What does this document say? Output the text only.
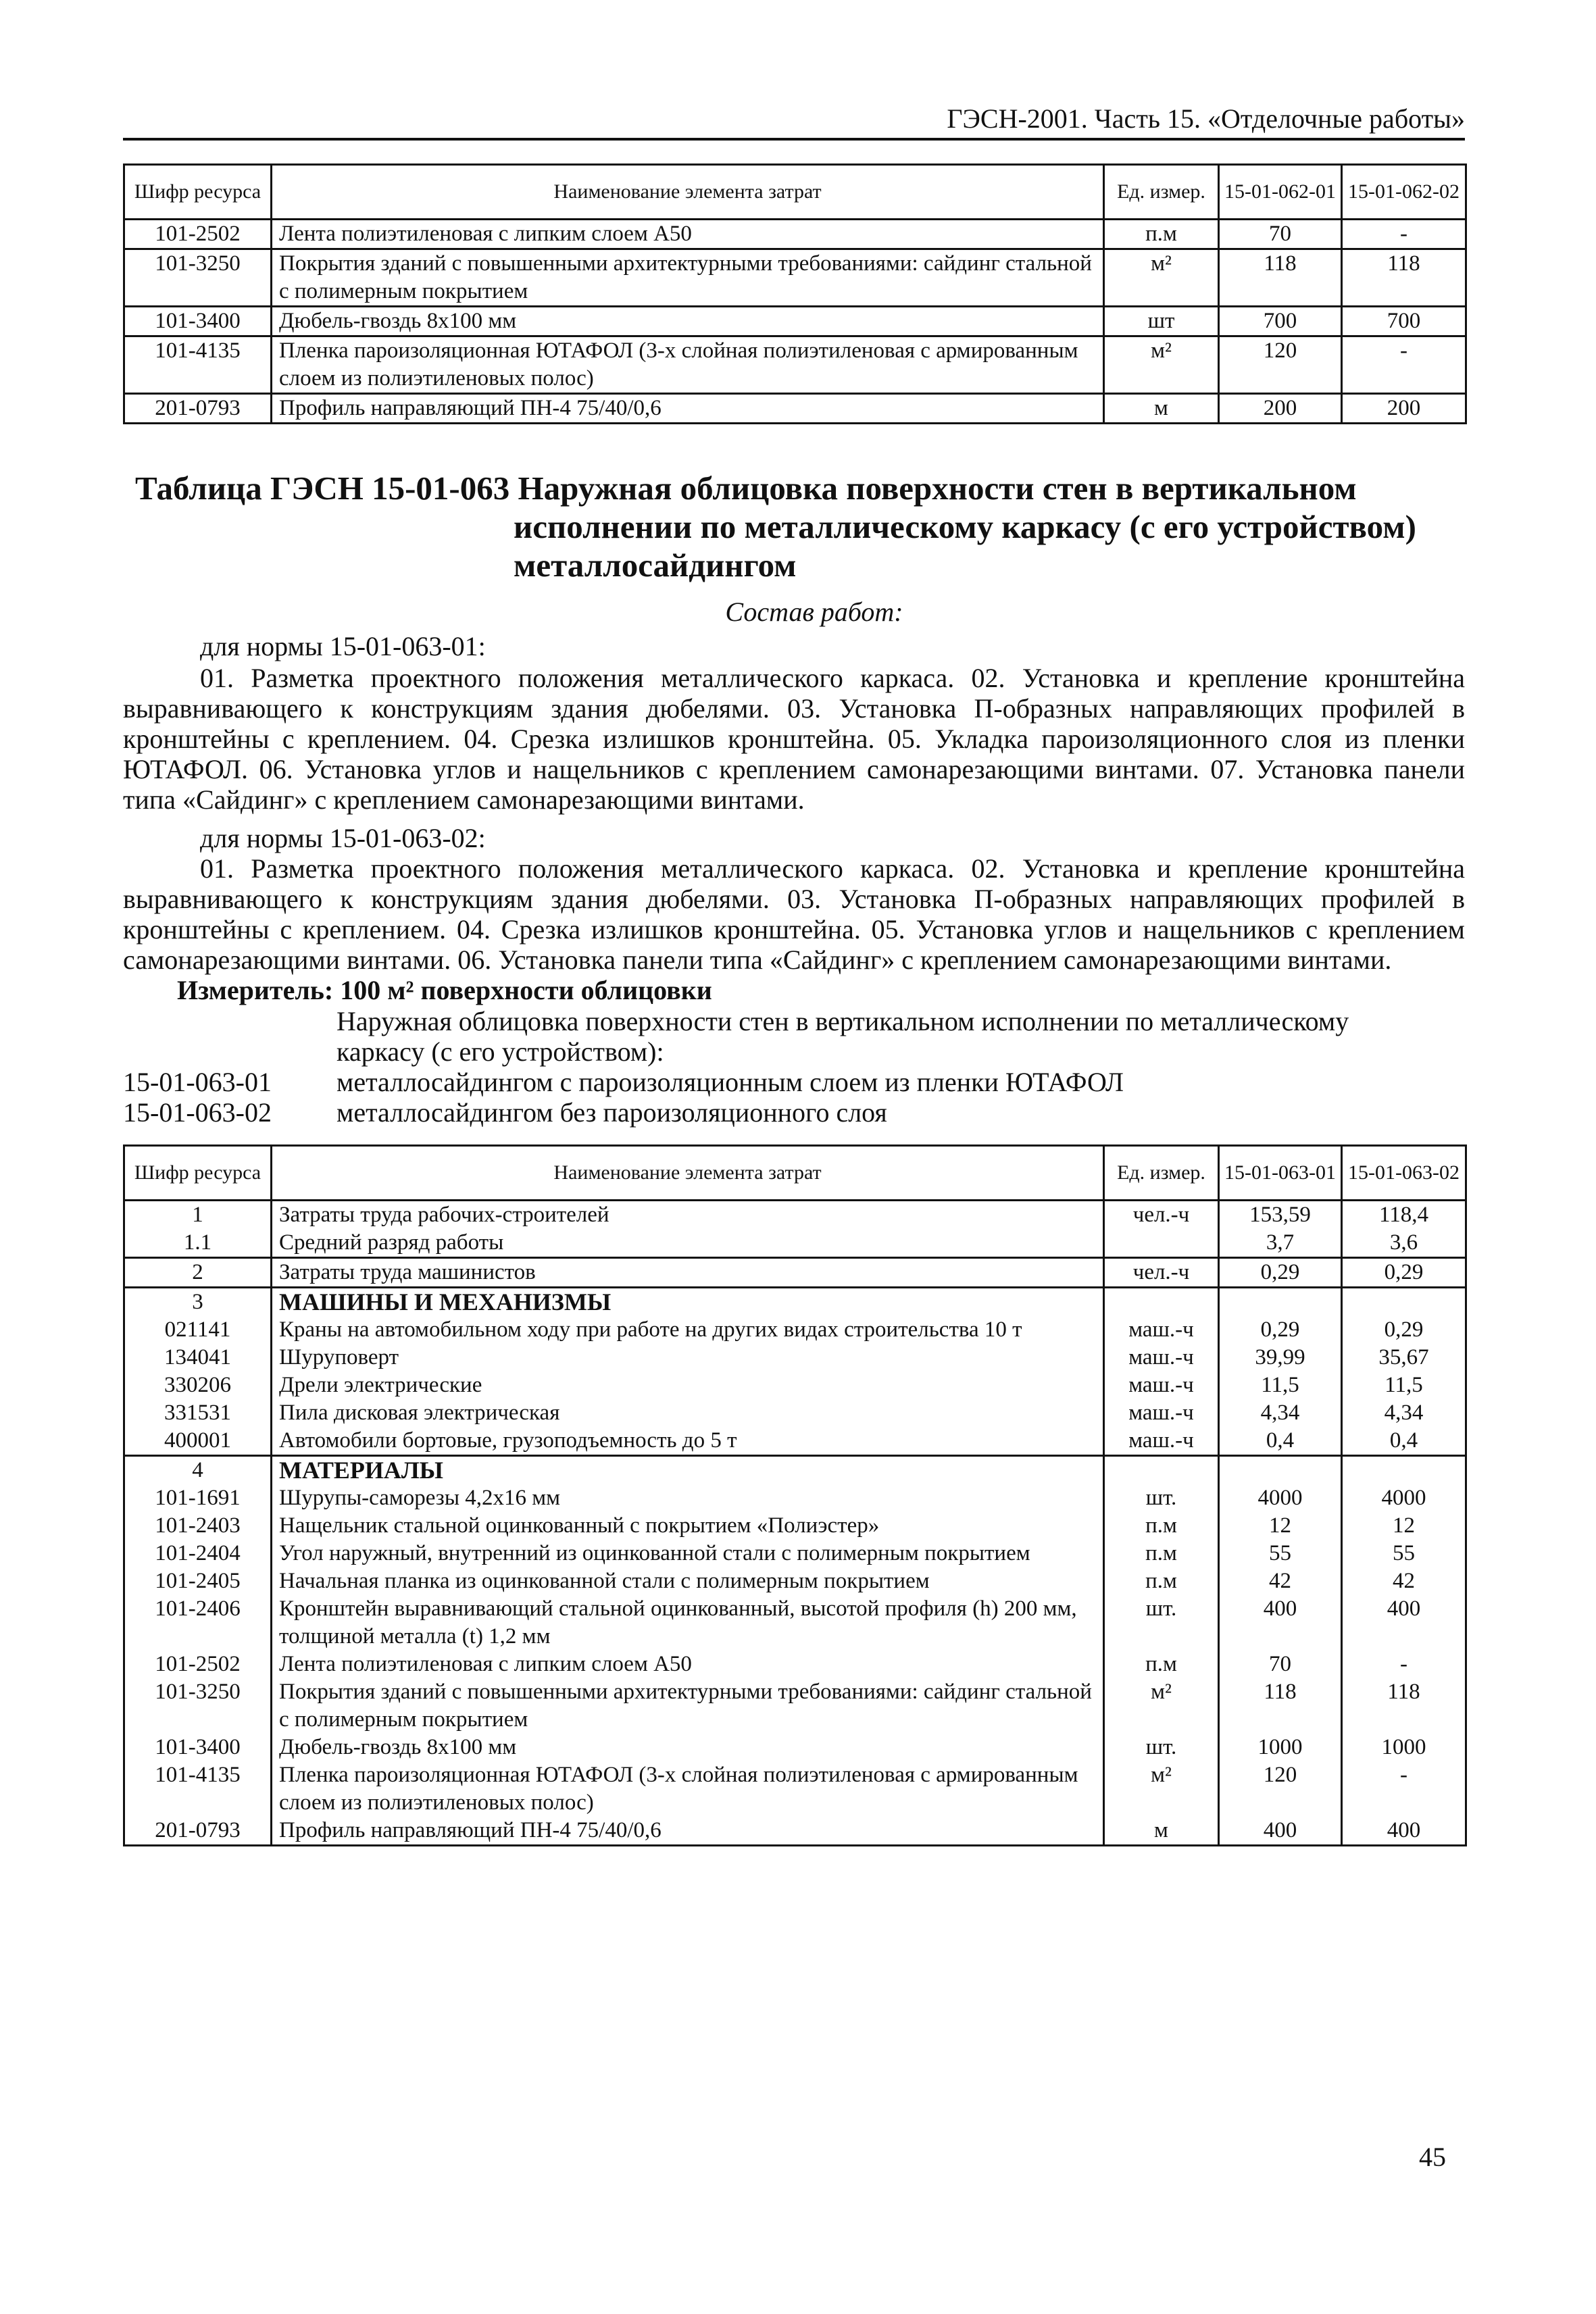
ГЭСН-2001. Часть 15. «Отделочные работы»
Шифр ресурса	Наименование элемента затрат	Ед. измер.	15-01-062-01	15-01-062-02
101-2502	Лента полиэтиленовая с липким слоем А50	п.м	70	-
101-3250	Покрытия зданий с повышенными архитектурными требованиями: сайдинг стальной с полимерным покрытием	м²	118	118
101-3400	Дюбель-гвоздь 8х100 мм	шт	700	700
101-4135	Пленка пароизоляционная ЮТАФОЛ (3-х слойная полиэтиленовая с армированным слоем из полиэтиленовых полос)	м²	120	-
201-0793	Профиль направляющий ПН-4 75/40/0,6	м	200	200
Таблица ГЭСН 15-01-063 Наружная облицовка поверхности стен в вертикальном
исполнении по металлическому каркасу (с его устройством) металлосайдингом
Состав работ:
для нормы 15-01-063-01:
01. Разметка проектного положения металлического каркаса. 02. Установка и крепление кронштейна выравнивающего к конструкциям здания дюбелями. 03. Установка П-образных направляющих профилей в кронштейны с креплением. 04. Срезка излишков кронштейна. 05. Укладка пароизоляционного слоя из пленки ЮТАФОЛ. 06. Установка углов и нащельников с креплением самонарезающими винтами. 07. Установка панели типа «Сайдинг» с креплением самонарезающими винтами.
для нормы 15-01-063-02:
01. Разметка проектного положения металлического каркаса. 02. Установка и крепление кронштейна выравнивающего к конструкциям здания дюбелями. 03. Установка П-образных направляющих профилей в кронштейны с креплением. 04. Срезка излишков кронштейна. 05. Установка углов и нащельников с креплением самонарезающими винтами. 06. Установка панели типа «Сайдинг» с креплением самонарезающими винтами.
Измеритель: 100 м² поверхности облицовки
Наружная облицовка поверхности стен в вертикальном исполнении по металлическому каркасу (с его устройством):
15-01-063-01 металлосайдингом с пароизоляционным слоем из пленки ЮТАФОЛ
15-01-063-02 металлосайдингом без пароизоляционного слоя
Шифр ресурса	Наименование элемента затрат	Ед. измер.	15-01-063-01	15-01-063-02
1	Затраты труда рабочих-строителей	чел.-ч	153,59	118,4
1.1	Средний разряд работы		3,7	3,6
2	Затраты труда машинистов	чел.-ч	0,29	0,29
3	МАШИНЫ И МЕХАНИЗМЫ			
021141	Краны на автомобильном ходу при работе на других видах строительства 10 т	маш.-ч	0,29	0,29
134041	Шуруповерт	маш.-ч	39,99	35,67
330206	Дрели электрические	маш.-ч	11,5	11,5
331531	Пила дисковая электрическая	маш.-ч	4,34	4,34
400001	Автомобили бортовые, грузоподъемность до 5 т	маш.-ч	0,4	0,4
4	МАТЕРИАЛЫ			
101-1691	Шурупы-саморезы 4,2х16 мм	шт.	4000	4000
101-2403	Нащельник стальной оцинкованный с покрытием «Полиэстер»	п.м	12	12
101-2404	Угол наружный, внутренний из оцинкованной стали с полимерным покрытием	п.м	55	55
101-2405	Начальная планка из оцинкованной стали с полимерным покрытием	п.м	42	42
101-2406	Кронштейн выравнивающий стальной оцинкованный, высотой профиля (h) 200 мм, толщиной металла (t) 1,2 мм	шт.	400	400
101-2502	Лента полиэтиленовая с липким слоем А50	п.м	70	-
101-3250	Покрытия зданий с повышенными архитектурными требованиями: сайдинг стальной с полимерным покрытием	м²	118	118
101-3400	Дюбель-гвоздь 8х100 мм	шт.	1000	1000
101-4135	Пленка пароизоляционная ЮТАФОЛ (3-х слойная полиэтиленовая с армированным слоем из полиэтиленовых полос)	м²	120	-
201-0793	Профиль направляющий ПН-4 75/40/0,6	м	400	400
45
